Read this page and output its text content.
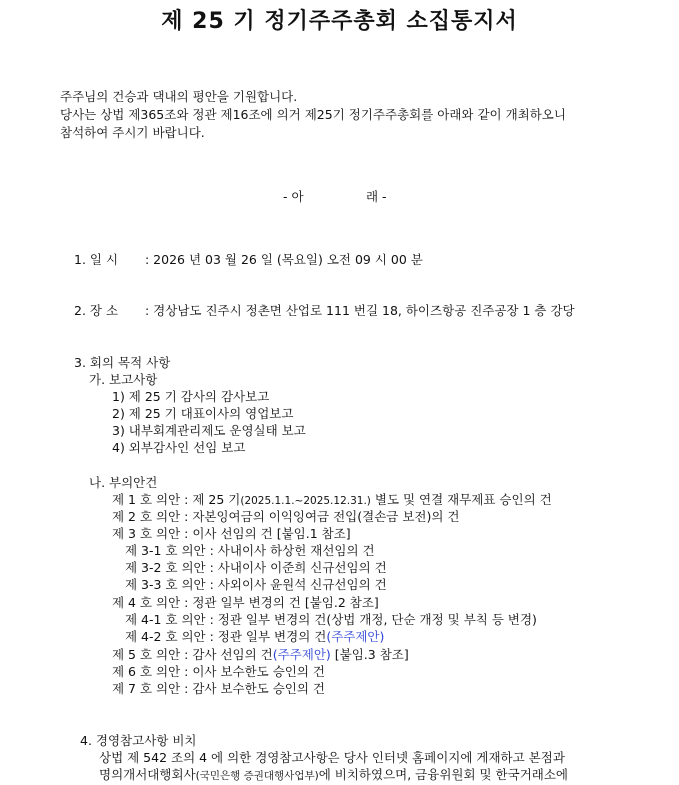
제 25 기 정기주주총회 소집통지서
주주님의 건승과 댁내의 평안을 기원합니다.
당사는 상법 제365조와 정관 제16조에 의거 제25기 정기주주총회를 아래와 같이 개최하오니
참석하여 주시기 바랍니다.
- 아	래 -
1. 일 시 : 2026 년 03 월 26 일 (목요일) 오전 09 시 00 분
2. 장 소 : 경상남도 진주시 정촌면 산업로 111 번길 18, 하이즈항공 진주공장 1 층 강당
3. 회의 목적 사항
가. 보고사항
1) 제 25 기 감사의 감사보고
2) 제 25 기 대표이사의 영업보고
3) 내부회계관리제도 운영실태 보고
4) 외부감사인 선임 보고
나. 부의안건
제 1 호 의안 : 제 25 기(2025.1.1.~2025.12.31.) 별도 및 연결 재무제표 승인의 건
제 2 호 의안 : 자본잉여금의 이익잉여금 전입(결손금 보전)의 건
제 3 호 의안 : 이사 선임의 건 [붙임.1 참조]
제 3-1 호 의안 : 사내이사 하상헌 재선임의 건
제 3-2 호 의안 : 사내이사 이준희 신규선임의 건
제 3-3 호 의안 : 사외이사 윤원석 신규선임의 건
제 4 호 의안 : 정관 일부 변경의 건 [붙임.2 참조]
제 4-1 호 의안 : 정관 일부 변경의 건(상법 개정, 단순 개정 및 부칙 등 변경)
제 4-2 호 의안 : 정관 일부 변경의 건(주주제안)
제 5 호 의안 : 감사 선임의 건(주주제안) [붙임.3 참조]
제 6 호 의안 : 이사 보수한도 승인의 건
제 7 호 의안 : 감사 보수한도 승인의 건
4. 경영참고사항 비치
상법 제 542 조의 4 에 의한 경영참고사항은 당사 인터넷 홈페이지에 게재하고 본점과
명의개서대행회사(국민은행 증권대행사업부)에 비치하였으며, 금융위원회 및 한국거래소에
